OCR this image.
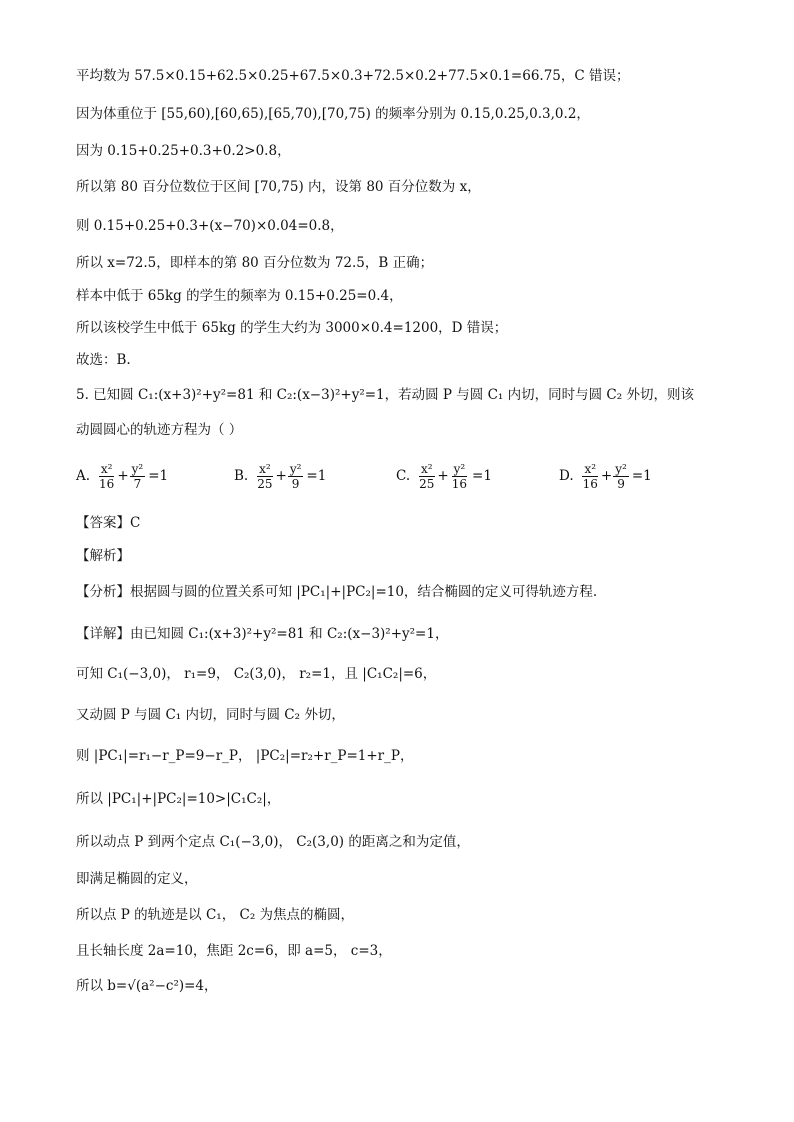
平均数为 57.5×0.15+62.5×0.25+67.5×0.3+72.5×0.2+77.5×0.1=66.75，C 错误；
因为体重位于 [55,60),[60,65),[65,70),[70,75) 的频率分别为 0.15,0.25,0.3,0.2，
因为 0.15+0.25+0.3+0.2>0.8，
所以第 80 百分位数位于区间 [70,75) 内，设第 80 百分位数为 x，
则 0.15+0.25+0.3+(x−70)×0.04=0.8，
所以 x=72.5，即样本的第 80 百分位数为 72.5，B 正确；
样本中低于 65kg 的学生的频率为 0.15+0.25=0.4，
所以该校学生中低于 65kg 的学生大约为 3000×0.4=1200，D 错误；
故选：B.
5. 已知圆 C₁:(x+3)²+y²=81 和 C₂:(x−3)²+y²=1，若动圆 P 与圆 C₁ 内切，同时与圆 C₂ 外切，则该
动圆圆心的轨迹方程为（ ）
A. $\frac{\text{x²}}{16} + \frac{\text{y²}}{7} =1$	B. $\frac{\text{x²}}{25} + \frac{\text{y²}}{9} =1$	C. $\frac{\text{x²}}{25} + \frac{\text{y²}}{16} =1$	D. $\frac{\text{x²}}{16} + \frac{\text{y²}}{9} =1$
【答案】C
【解析】
【分析】根据圆与圆的位置关系可知 |PC₁|+|PC₂|=10，结合椭圆的定义可得轨迹方程.
【详解】由已知圆 C₁:(x+3)²+y²=81 和 C₂:(x−3)²+y²=1，
可知 C₁(−3,0)， r₁=9， C₂(3,0)， r₂=1，且 |C₁C₂|=6，
又动圆 P 与圆 C₁ 内切，同时与圆 C₂ 外切，
则 |PC₁|=r₁−r_P=9−r_P， |PC₂|=r₂+r_P=1+r_P，
所以 |PC₁|+|PC₂|=10>|C₁C₂|，
所以动点 P 到两个定点 C₁(−3,0)， C₂(3,0) 的距离之和为定值，
即满足椭圆的定义，
所以点 P 的轨迹是以 C₁， C₂ 为焦点的椭圆，
且长轴长度 2a=10，焦距 2c=6，即 a=5， c=3，
所以 b=√(a²−c²)=4，
